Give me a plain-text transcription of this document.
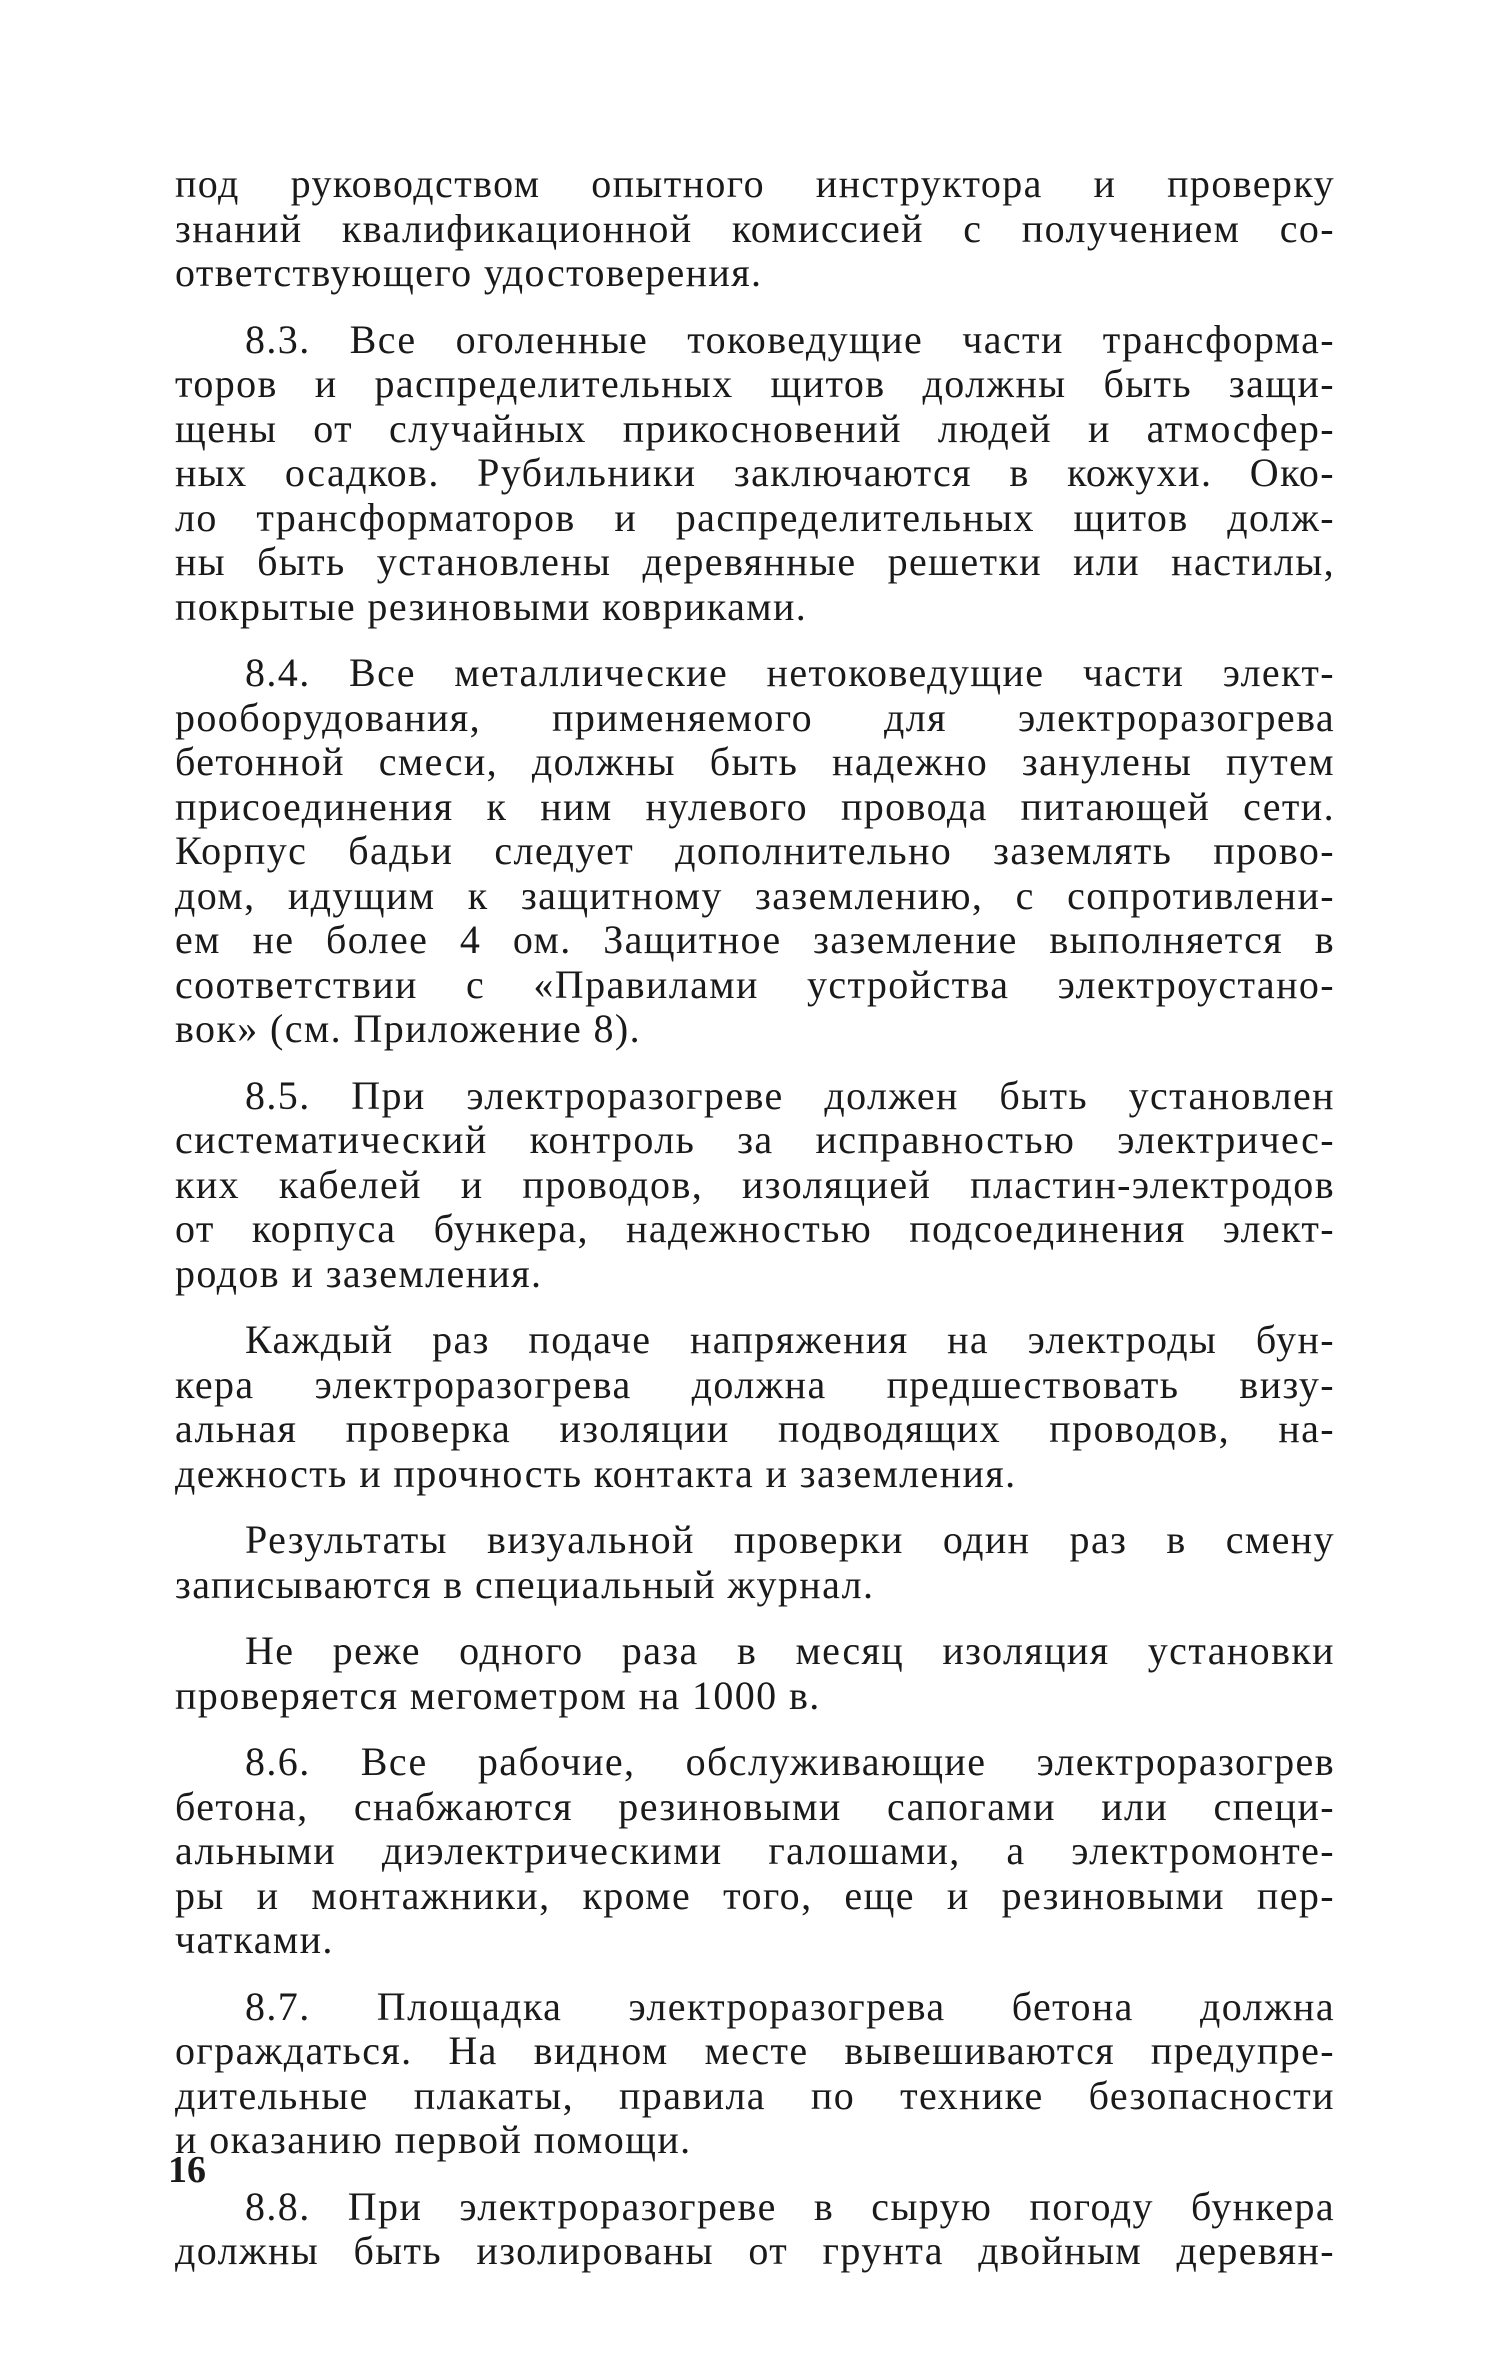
под руководством опытного инструктора и проверку
знаний квалификационной комиссией с получением со-
ответствующего удостоверения.
8.3. Все оголенные токоведущие части трансформа-
торов и распределительных щитов должны быть защи-
щены от случайных прикосновений людей и атмосфер-
ных осадков. Рубильники заключаются в кожухи. Око-
ло трансформаторов и распределительных щитов долж-
ны быть установлены деревянные решетки или настилы,
покрытые резиновыми ковриками.
8.4. Все металлические нетоковедущие части элект-
рооборудования, применяемого для электроразогрева
бетонной смеси, должны быть надежно занулены путем
присоединения к ним нулевого провода питающей сети.
Корпус бадьи следует дополнительно заземлять прово-
дом, идущим к защитному заземлению, с сопротивлени-
ем не более 4 ом. Защитное заземление выполняется в
соответствии с «Правилами устройства электроустано-
вок» (см. Приложение 8).
8.5. При электроразогреве должен быть установлен
систематический контроль за исправностью электричес-
ких кабелей и проводов, изоляцией пластин-электродов
от корпуса бункера, надежностью подсоединения элект-
родов и заземления.
Каждый раз подаче напряжения на электроды бун-
кера электроразогрева должна предшествовать визу-
альная проверка изоляции подводящих проводов, на-
дежность и прочность контакта и заземления.
Результаты визуальной проверки один раз в смену
записываются в специальный журнал.
Не реже одного раза в месяц изоляция установки
проверяется мегометром на 1000 в.
8.6. Все рабочие, обслуживающие электроразогрев
бетона, снабжаются резиновыми сапогами или специ-
альными диэлектрическими галошами, а электромонте-
ры и монтажники, кроме того, еще и резиновыми пер-
чатками.
8.7. Площадка электроразогрева бетона должна
ограждаться. На видном месте вывешиваются предупре-
дительные плакаты, правила по технике безопасности
и оказанию первой помощи.
8.8. При электроразогреве в сырую погоду бункера
должны быть изолированы от грунта двойным деревян-
16
